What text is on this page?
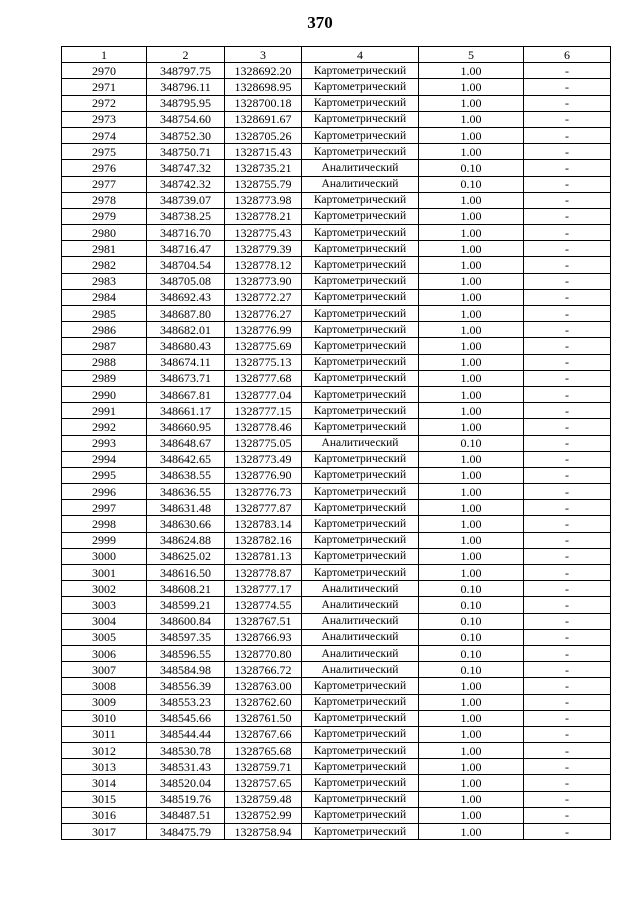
370
1	2	3	4	5	6
2970	348797.75	1328692.20	Картометрический	1.00	-
2971	348796.11	1328698.95	Картометрический	1.00	-
2972	348795.95	1328700.18	Картометрический	1.00	-
2973	348754.60	1328691.67	Картометрический	1.00	-
2974	348752.30	1328705.26	Картометрический	1.00	-
2975	348750.71	1328715.43	Картометрический	1.00	-
2976	348747.32	1328735.21	Аналитический	0.10	-
2977	348742.32	1328755.79	Аналитический	0.10	-
2978	348739.07	1328773.98	Картометрический	1.00	-
2979	348738.25	1328778.21	Картометрический	1.00	-
2980	348716.70	1328775.43	Картометрический	1.00	-
2981	348716.47	1328779.39	Картометрический	1.00	-
2982	348704.54	1328778.12	Картометрический	1.00	-
2983	348705.08	1328773.90	Картометрический	1.00	-
2984	348692.43	1328772.27	Картометрический	1.00	-
2985	348687.80	1328776.27	Картометрический	1.00	-
2986	348682.01	1328776.99	Картометрический	1.00	-
2987	348680.43	1328775.69	Картометрический	1.00	-
2988	348674.11	1328775.13	Картометрический	1.00	-
2989	348673.71	1328777.68	Картометрический	1.00	-
2990	348667.81	1328777.04	Картометрический	1.00	-
2991	348661.17	1328777.15	Картометрический	1.00	-
2992	348660.95	1328778.46	Картометрический	1.00	-
2993	348648.67	1328775.05	Аналитический	0.10	-
2994	348642.65	1328773.49	Картометрический	1.00	-
2995	348638.55	1328776.90	Картометрический	1.00	-
2996	348636.55	1328776.73	Картометрический	1.00	-
2997	348631.48	1328777.87	Картометрический	1.00	-
2998	348630.66	1328783.14	Картометрический	1.00	-
2999	348624.88	1328782.16	Картометрический	1.00	-
3000	348625.02	1328781.13	Картометрический	1.00	-
3001	348616.50	1328778.87	Картометрический	1.00	-
3002	348608.21	1328777.17	Аналитический	0.10	-
3003	348599.21	1328774.55	Аналитический	0.10	-
3004	348600.84	1328767.51	Аналитический	0.10	-
3005	348597.35	1328766.93	Аналитический	0.10	-
3006	348596.55	1328770.80	Аналитический	0.10	-
3007	348584.98	1328766.72	Аналитический	0.10	-
3008	348556.39	1328763.00	Картометрический	1.00	-
3009	348553.23	1328762.60	Картометрический	1.00	-
3010	348545.66	1328761.50	Картометрический	1.00	-
3011	348544.44	1328767.66	Картометрический	1.00	-
3012	348530.78	1328765.68	Картометрический	1.00	-
3013	348531.43	1328759.71	Картометрический	1.00	-
3014	348520.04	1328757.65	Картометрический	1.00	-
3015	348519.76	1328759.48	Картометрический	1.00	-
3016	348487.51	1328752.99	Картометрический	1.00	-
3017	348475.79	1328758.94	Картометрический	1.00	-
